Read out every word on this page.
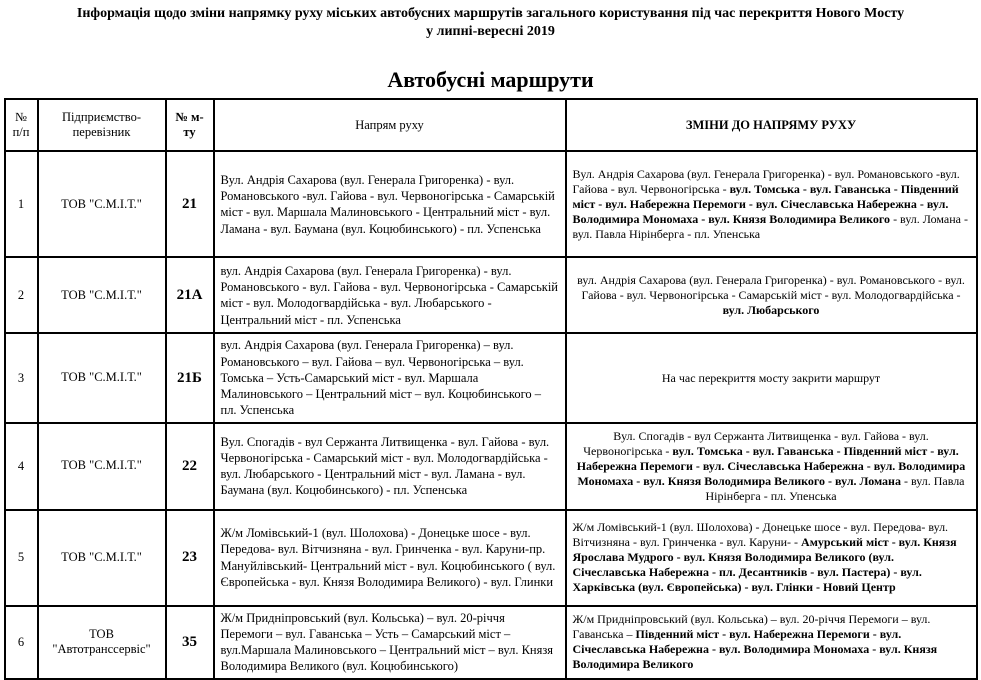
Інформація щодо зміни напрямку руху міських автобусних маршрутів загального користування під час перекриття Нового Мосту
у липні-вересні 2019
Автобусні маршрути
№ п/п	Підприємство-перевізник	№ м-ту	Напрям руху	ЗМІНИ ДО НАПРЯМУ РУХУ
1	ТОВ "С.М.І.Т."	21	Вул. Андрія Сахарова (вул. Генерала Григоренка) - вул. Романовського -вул. Гайова - вул. Червоногірська - Самарській міст - вул. Маршала Малиновського - Центральний міст - вул. Ламана - вул. Баумана (вул. Коцюбинського) - пл. Успенська	Вул. Андрія Сахарова (вул. Генерала Григоренка) - вул. Романовського -вул. Гайова - вул. Червоногірська - вул. Томська - вул. Гаванська - Південний міст - вул. Набережна Перемоги - вул. Січеславська Набережна - вул. Володимира Мономаха - вул. Князя Володимира Великого - вул. Ломана - вул. Павла Нірінберга - пл. Упенська
2	ТОВ "С.М.І.Т."	21А	вул. Андрія Сахарова (вул. Генерала Григоренка) - вул. Романовського - вул. Гайова - вул. Червоногірська - Самарській міст - вул. Молодогвардійська - вул. Любарського - Центральний міст - пл. Успенська	вул. Андрія Сахарова (вул. Генерала Григоренка) - вул. Романовського - вул. Гайова - вул. Червоногірська - Самарській міст - вул. Молодогвардійська - вул. Любарського
3	ТОВ "С.М.І.Т."	21Б	вул. Андрія Сахарова (вул. Генерала Григоренка) – вул. Романовського – вул. Гайова – вул. Червоногірська – вул. Томська – Усть-Самарський міст - вул. Маршала Малиновського – Центральний міст – вул. Коцюбинського – пл. Успенська	На час перекриття мосту закрити маршрут
4	ТОВ "С.М.І.Т."	22	Вул. Спогадів - вул Сержанта Литвищенка - вул. Гайова - вул. Червоногірська - Самарський міст - вул. Молодогвардійська - вул. Любарського - Центральний міст - вул. Ламана - вул. Баумана (вул. Коцюбинського) - пл. Успенська	Вул. Спогадів - вул Сержанта Литвищенка - вул. Гайова - вул. Червоногірська - вул. Томська - вул. Гаванська - Південний міст - вул. Набережна Перемоги - вул. Січеславська Набережна - вул. Володимира Мономаха - вул. Князя Володимира Великого - вул. Ломана - вул. Павла Нірінберга - пл. Упенська
5	ТОВ "С.М.І.Т."	23	Ж/м Ломівський-1 (вул. Шолохова) - Донецьке шосе - вул. Передова- вул. Вітчизняна - вул. Гринченка - вул. Каруни-пр. Мануйлівський- Центральний міст - вул. Коцюбинського ( вул. Європейська - вул. Князя Володимира Великого) - вул. Глинки	Ж/м Ломівський-1 (вул. Шолохова) - Донецьке шосе - вул. Передова- вул. Вітчизняна - вул. Гринченка - вул. Каруни- - Амурський міст - вул. Князя Ярослава Мудрого - вул. Князя Володимира Великого (вул. Січеславська Набережна - пл. Десантників - вул. Пастера) - вул. Харківська (вул. Європейська) - вул. Глінки - Новий Центр
6	ТОВ "Автотранссервіс"	35	Ж/м Придніпровський (вул. Кольська) – вул. 20-річчя Перемоги – вул. Гаванська – Усть – Самарський міст – вул.Маршала Малиновського – Центральний міст – вул. Князя Володимира Великого (вул. Коцюбинського)	Ж/м Придніпровський (вул. Кольська) – вул. 20-річчя Перемоги – вул. Гаванська – Південний міст - вул. Набережна Перемоги - вул. Січеславська Набережна - вул. Володимира Мономаха - вул. Князя Володимира Великого
